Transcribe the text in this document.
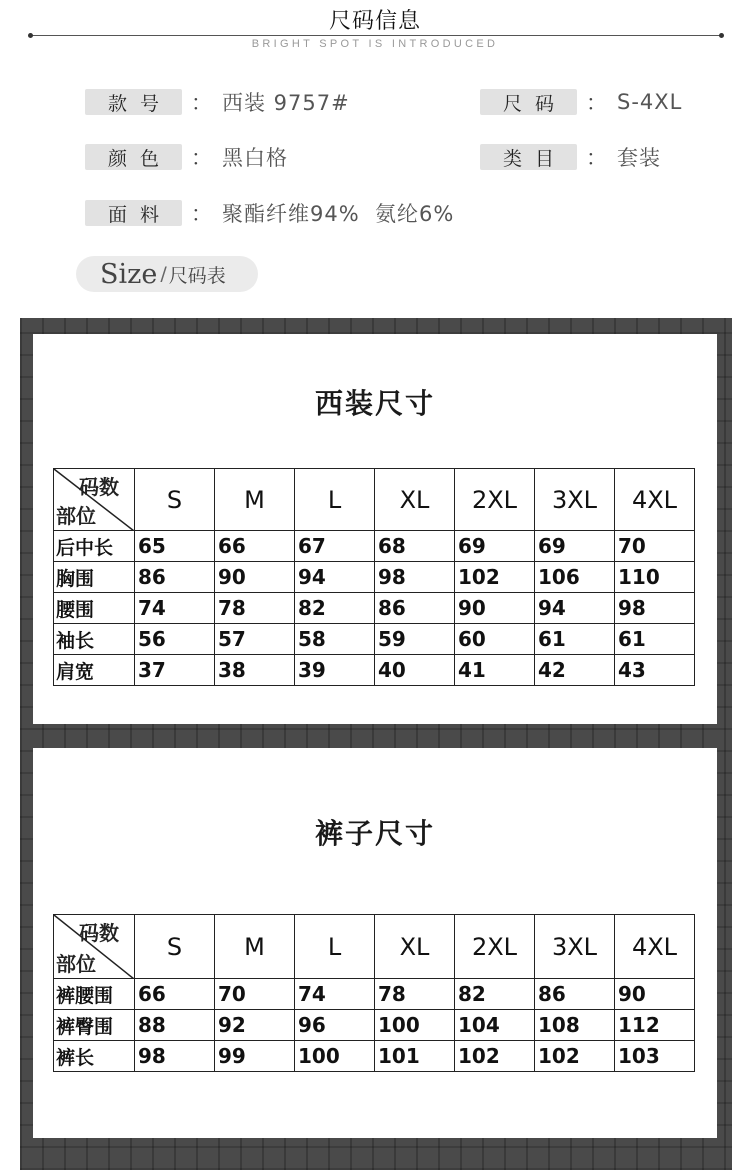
尺码信息
BRIGHT SPOT IS INTRODUCED
款号 ： 西装 9757#	尺码 ： S-4XL
颜色 ： 黑白格	类目 ： 套装
面料 ： 聚酯纤维94%  氨纶6%
Size / 尺码表
西装尺寸
码数
部位	S	M	L	XL	2XL	3XL	4XL
后中长	65	66	67	68	69	69	70
胸围	86	90	94	98	102	106	110
腰围	74	78	82	86	90	94	98
袖长	56	57	58	59	60	61	61
肩宽	37	38	39	40	41	42	43
裤子尺寸
码数
部位	S	M	L	XL	2XL	3XL	4XL
裤腰围	66	70	74	78	82	86	90
裤臀围	88	92	96	100	104	108	112
裤长	98	99	100	101	102	102	103
